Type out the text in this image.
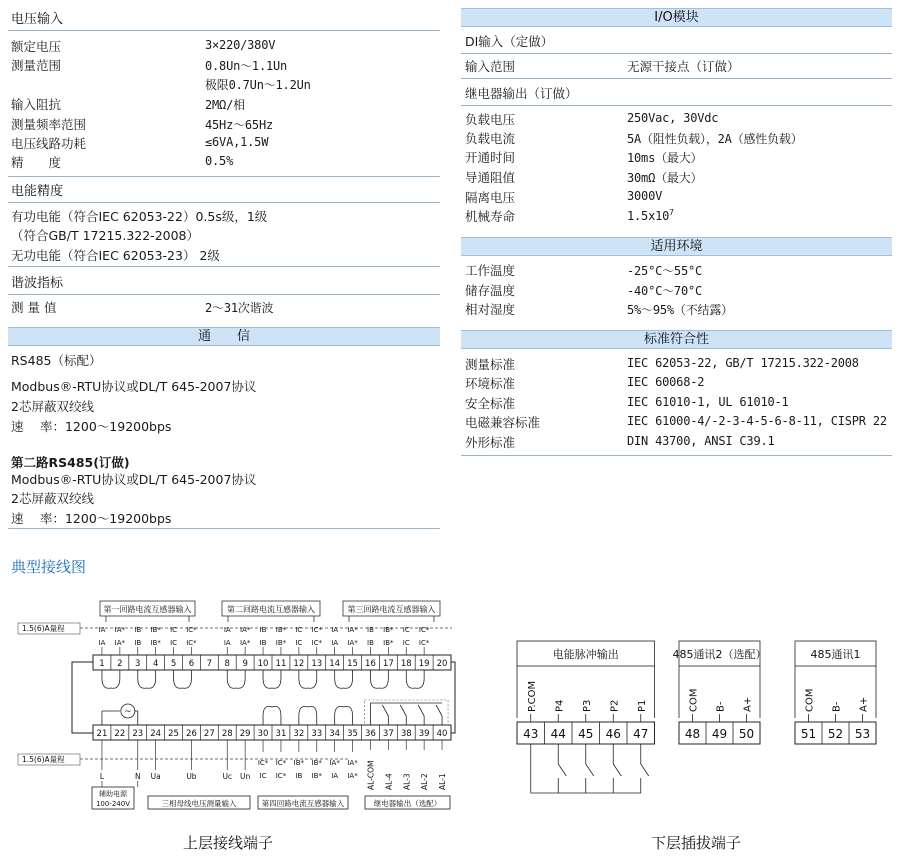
电压输入
额定电压	3×220/380V
测量范围	0.8Un～1.1Un
极限0.7Un～1.2Un
输入阻抗	2MΩ/相
测量频率范围	45Hz～65Hz
电压线路功耗	≤6VA,1.5W
精　　度	0.5%
电能精度
有功电能（符合IEC 62053-22）0.5s级，1级
（符合GB/T 17215.322-2008）
无功电能（符合IEC 62053-23） 2级
谐波指标
测 量 值	2～31次谐波
通　　信
RS485（标配）
Modbus®-RTU协议或DL/T 645-2007协议
2芯屏蔽双绞线
速　 率：1200～19200bps
第二路RS485(订做)
Modbus®-RTU协议或DL/T 645-2007协议
2芯屏蔽双绞线
速　 率：1200～19200bps
I/O模块
DI输入（定做）
输入范围	无源干接点（订做）
继电器输出（订做）
负载电压	250Vac, 30Vdc
负载电流	5A（阻性负载），2A（感性负载）
开通时间	10ms（最大）
导通阻值	30mΩ（最大）
隔离电压	3000V
机械寿命	$1.5x10^7$
适用环境
工作温度	-25°C～55°C
储存温度	-40°C～70°C
相对湿度	5%～95%（不结露）
标准符合性
测量标准	IEC 62053-22, GB/T 17215.322-2008
环境标准	IEC 60068-2
安全标准	IEC 61010-1, UL 61010-1
电磁兼容标准	IEC 61000-4/-2-3-4-5-6-8-11, CISPR 22
外形标准	DIN 43700, ANSI C39.1
典型接线图
第一回路电流互感器输入	第二回路电流互感器输入	第三回路电流互感器输入
1.5(6)A量程	IA
IA
IA*
IA*
IB
IB
IB*
IB*
IC
IC
IC*
IC*
IA
IA
IA*
IA*
IB
IB
IB*
IB*
IC
IC
IC*
IC*
IA
IA
IA*
IA*
IB
IB
IB*
IB*
IC
IC
IC*
IC*
1 2 3 4 5 6 7 8 9 10 11 12 13 14 15 16 17 18 19 20
~
21 22 23 24 25 26 27 28 29 30 31 32 33 34 35 36 37 38 39 40
1.5(6)A量程
L	N Ua	Ub	Uc Un
IC*
IC
IC*
IC*
IB*
IB
IB*
IB*
IA*
IA
IA*
IA* AL-COM AL-4 AL-3 AL-2 AL-1
辅助电源
100-240V	三相母线电压测量输入	第四回路电流互感器输入	继电器输出（选配）
电能脉冲输出
P.COM P4 P3 P2 P1
43 44 45 46 47
485通讯2（选配）
COM B- A+
48 49 50
485通讯1
COM B- A+
51 52 53
上层接线端子	下层插拔端子
